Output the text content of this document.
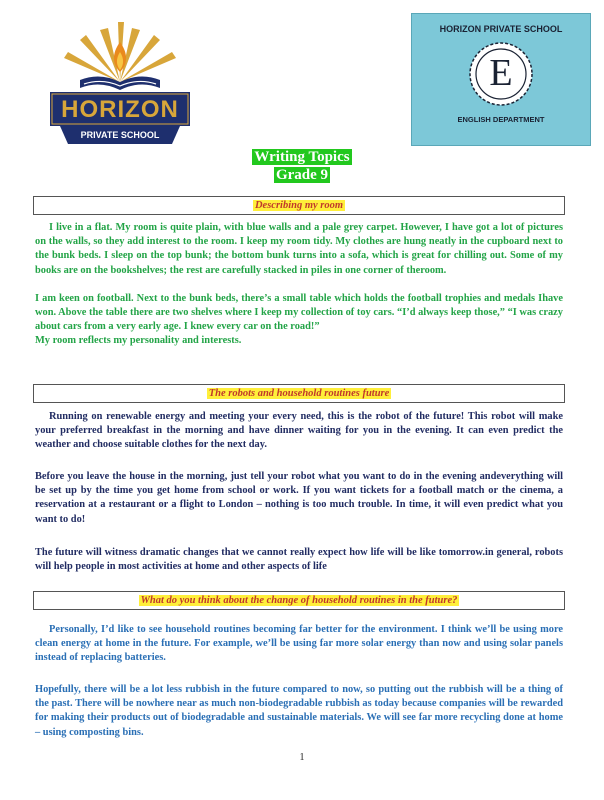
HORIZON
PRIVATE SCHOOL
HORIZON PRIVATE SCHOOL
E
ENGLISH DEPARTMENT
Writing Topics
Grade 9
Describing my room

I live in a flat. My room is quite plain, with blue walls and a pale grey carpet. However, I have got a lot of pictures on the walls, so they add interest to the room. I keep my room tidy. My clothes are hung neatly in the cupboard next to the bunk beds. I sleep on the top bunk; the bottom bunk turns into a sofa, which is great for chilling out. Some of my books are on the bookshelves; the rest are carefully stacked in piles in one corner of theroom.

I am keen on football. Next to the bunk beds, there’s a small table which holds the football trophies and medals Ihave won. Above the table there are two shelves where I keep my collection of toy cars. “I’d always keep those,” “I was crazy about cars from a very early age. I knew every car on the road!”

My room reflects my personality and interests.

The robots and household routines future

Running on renewable energy and meeting your every need, this is the robot of the future! This robot will make your preferred breakfast in the morning and have dinner waiting for you in the evening. It can even predict the weather and choose suitable clothes for the next day.

Before you leave the house in the morning, just tell your robot what you want to do in the evening andeverything will be set up by the time you get home from school or work. If you want tickets for a football match or the cinema, a reservation at a restaurant or a flight to London – nothing is too much trouble. In time, it will even predict what you want to do!

The future will witness dramatic changes that we cannot really expect how life will be like tomorrow.in general, robots will help people in most activities at home and other aspects of life

What do you think about the change of household routines in the future?

Personally, I’d like to see household routines becoming far better for the environment. I think we’ll be using more clean energy at home in the future. For example, we’ll be using far more solar energy than now and using solar panels instead of replacing batteries.

Hopefully, there will be a lot less rubbish in the future compared to now, so putting out the rubbish will be a thing of the past. There will be nowhere near as much non-biodegradable rubbish as today because companies will be rewarded for making their products out of biodegradable and sustainable materials. We will see far more recycling done at home – using composting bins.

1
